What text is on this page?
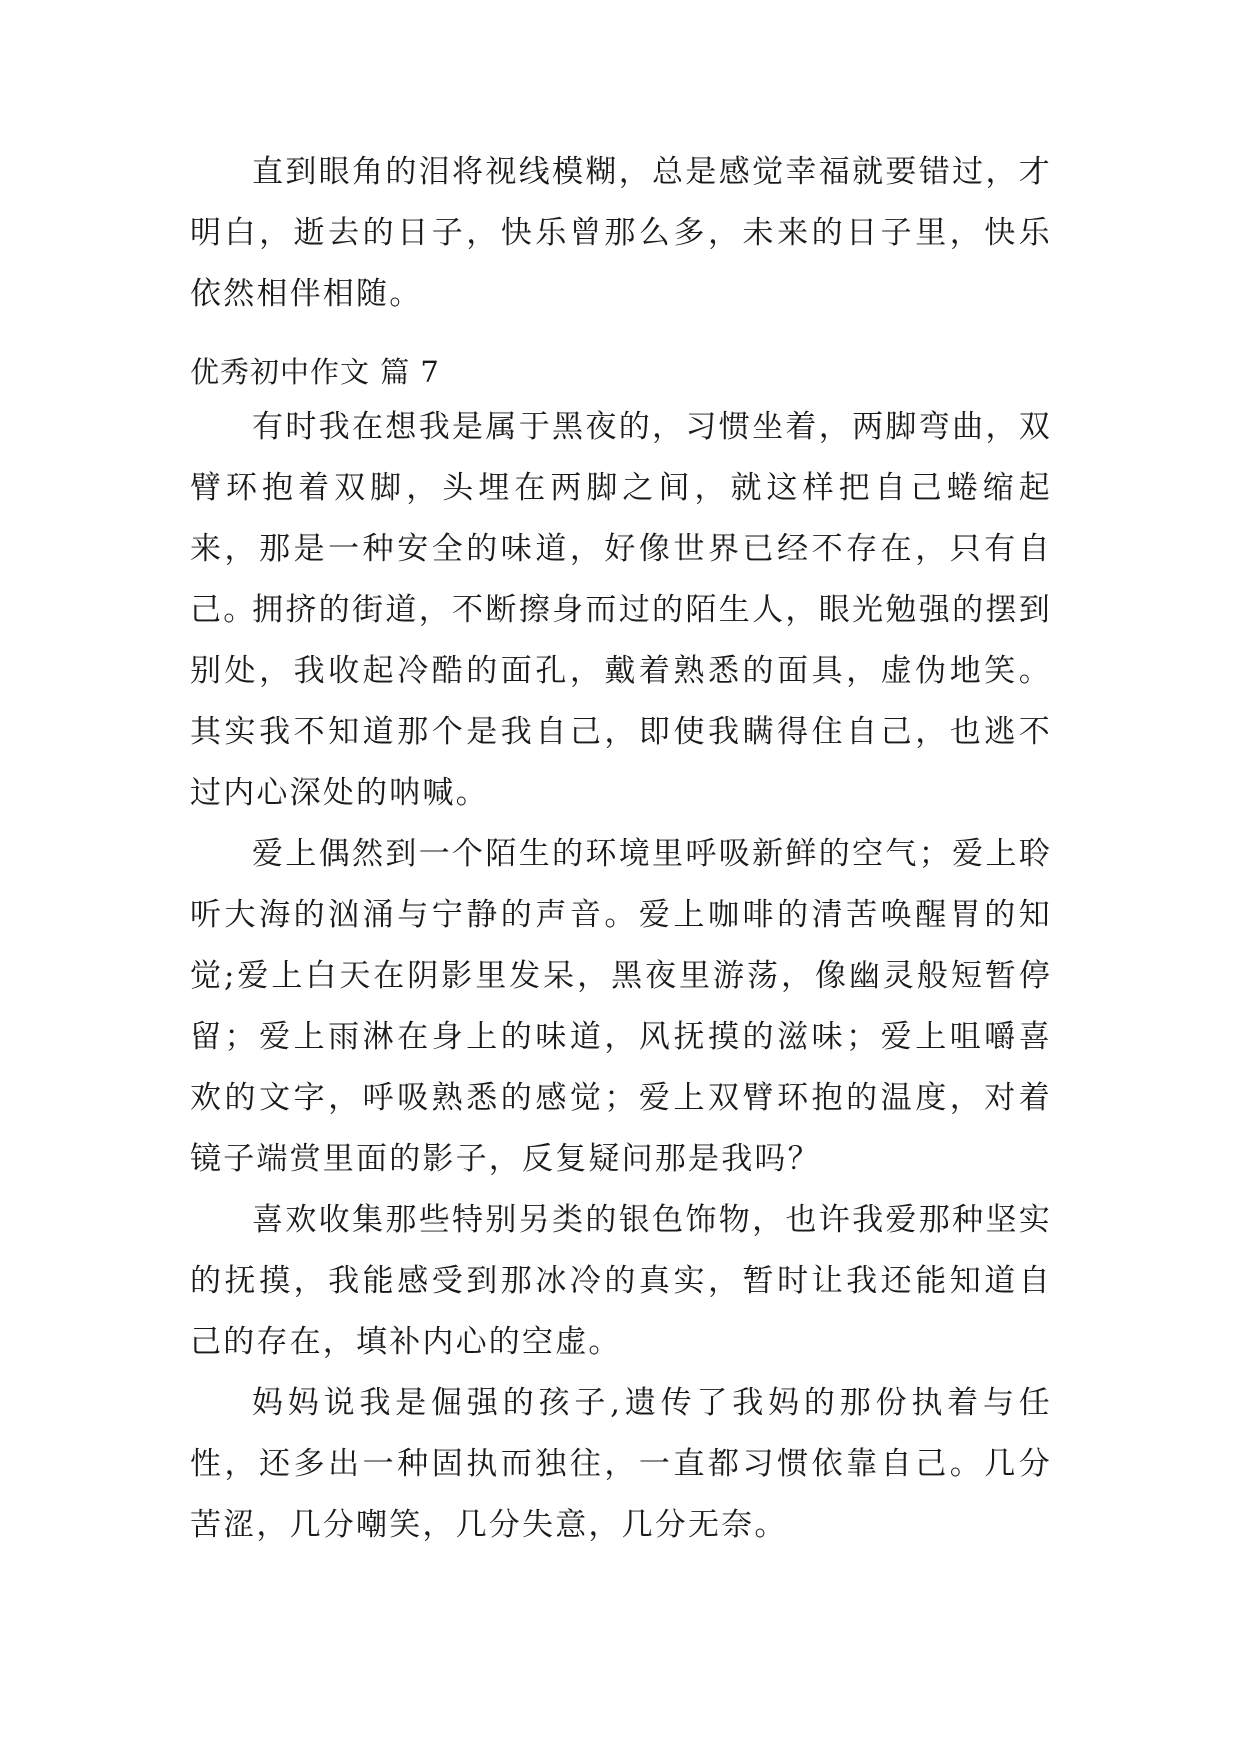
直到眼角的泪将视线模糊，总是感觉幸福就要错过，才明白，逝去的日子，快乐曾那么多，未来的日子里，快乐依然相伴相随。

优秀初中作文 篇 7

有时我在想我是属于黑夜的，习惯坐着，两脚弯曲，双臂环抱着双脚，头埋在两脚之间，就这样把自己蜷缩起来，那是一种安全的味道，好像世界已经不存在，只有自己。

拥挤的街道，不断擦身而过的陌生人，眼光勉强的摆到别处，我收起冷酷的面孔，戴着熟悉的面具，虚伪地笑。其实我不知道那个是我自己，即使我瞒得住自己，也逃不过内心深处的呐喊。

爱上偶然到一个陌生的环境里呼吸新鲜的空气；爱上聆听大海的汹涌与宁静的声音。爱上咖啡的清苦唤醒胃的知觉;爱上白天在阴影里发呆，黑夜里游荡，像幽灵般短暂停留；爱上雨淋在身上的味道，风抚摸的滋味；爱上咀嚼喜欢的文字，呼吸熟悉的感觉；爱上双臂环抱的温度，对着镜子端赏里面的影子，反复疑问那是我吗？

喜欢收集那些特别另类的银色饰物，也许我爱那种坚实的抚摸，我能感受到那冰冷的真实，暂时让我还能知道自己的存在，填补内心的空虚。

妈妈说我是倔强的孩子,遗传了我妈的那份执着与任性，还多出一种固执而独往，一直都习惯依靠自己。几分苦涩，几分嘲笑，几分失意，几分无奈。
